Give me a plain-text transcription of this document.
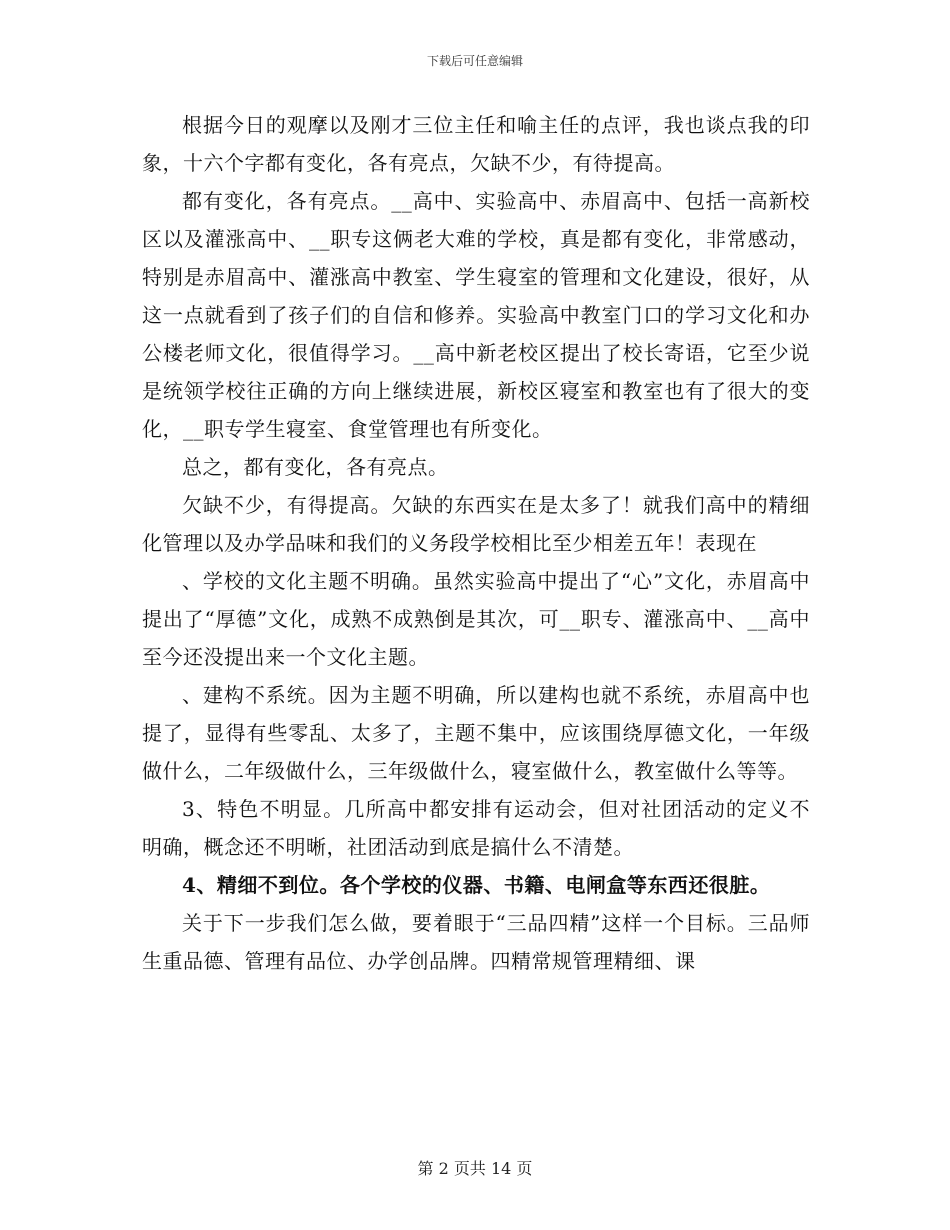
下载后可任意编辑

根据今日的观摩以及刚才三位主任和喻主任的点评，我也谈点我的印象，十六个字都有变化，各有亮点，欠缺不少，有待提高。

都有变化，各有亮点。__高中、实验高中、赤眉高中、包括一高新校区以及灌涨高中、__职专这俩老大难的学校，真是都有变化，非常感动，特别是赤眉高中、灌涨高中教室、学生寝室的管理和文化建设，很好，从这一点就看到了孩子们的自信和修养。实验高中教室门口的学习文化和办公楼老师文化，很值得学习。__高中新老校区提出了校长寄语，它至少说是统领学校往正确的方向上继续进展，新校区寝室和教室也有了很大的变化，__职专学生寝室、食堂管理也有所变化。

总之，都有变化，各有亮点。

欠缺不少，有得提高。欠缺的东西实在是太多了！就我们高中的精细化管理以及办学品味和我们的义务段学校相比至少相差五年！表现在

、学校的文化主题不明确。虽然实验高中提出了“心”文化，赤眉高中提出了“厚德”文化，成熟不成熟倒是其次，可__职专、灌涨高中、__高中至今还没提出来一个文化主题。

、建构不系统。因为主题不明确，所以建构也就不系统，赤眉高中也提了，显得有些零乱、太多了，主题不集中，应该围绕厚德文化，一年级做什么，二年级做什么，三年级做什么，寝室做什么，教室做什么等等。

3、特色不明显。几所高中都安排有运动会，但对社团活动的定义不明确，概念还不明晰，社团活动到底是搞什么不清楚。

4、精细不到位。各个学校的仪器、书籍、电闸盒等东西还很脏。

关于下一步我们怎么做，要着眼于“三品四精”这样一个目标。三品师生重品德、管理有品位、办学创品牌。四精常规管理精细、课

第 2 页共 14 页
